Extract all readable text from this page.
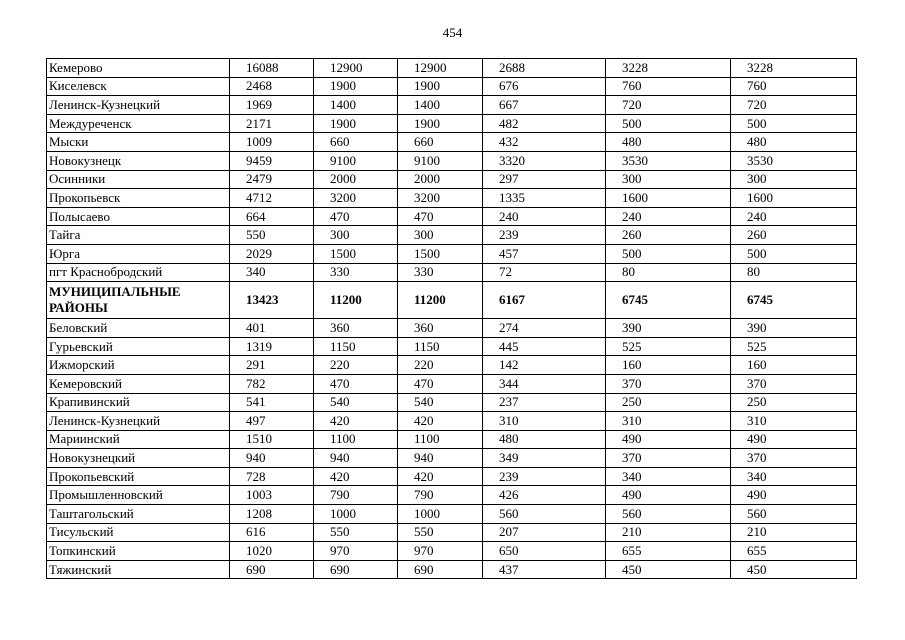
454
Кемерово	16088	12900	12900	2688	3228	3228
Киселевск	2468	1900	1900	676	760	760
Ленинск-Кузнецкий	1969	1400	1400	667	720	720
Междуреченск	2171	1900	1900	482	500	500
Мыски	1009	660	660	432	480	480
Новокузнецк	9459	9100	9100	3320	3530	3530
Осинники	2479	2000	2000	297	300	300
Прокопьевск	4712	3200	3200	1335	1600	1600
Полысаево	664	470	470	240	240	240
Тайга	550	300	300	239	260	260
Юрга	2029	1500	1500	457	500	500
пгт Краснобродский	340	330	330	72	80	80
МУНИЦИПАЛЬНЫЕ РАЙОНЫ	13423	11200	11200	6167	6745	6745
Беловский	401	360	360	274	390	390
Гурьевский	1319	1150	1150	445	525	525
Ижморский	291	220	220	142	160	160
Кемеровский	782	470	470	344	370	370
Крапивинский	541	540	540	237	250	250
Ленинск-Кузнецкий	497	420	420	310	310	310
Мариинский	1510	1100	1100	480	490	490
Новокузнецкий	940	940	940	349	370	370
Прокопьевский	728	420	420	239	340	340
Промышленновский	1003	790	790	426	490	490
Таштагольский	1208	1000	1000	560	560	560
Тисульский	616	550	550	207	210	210
Топкинский	1020	970	970	650	655	655
Тяжинский	690	690	690	437	450	450
